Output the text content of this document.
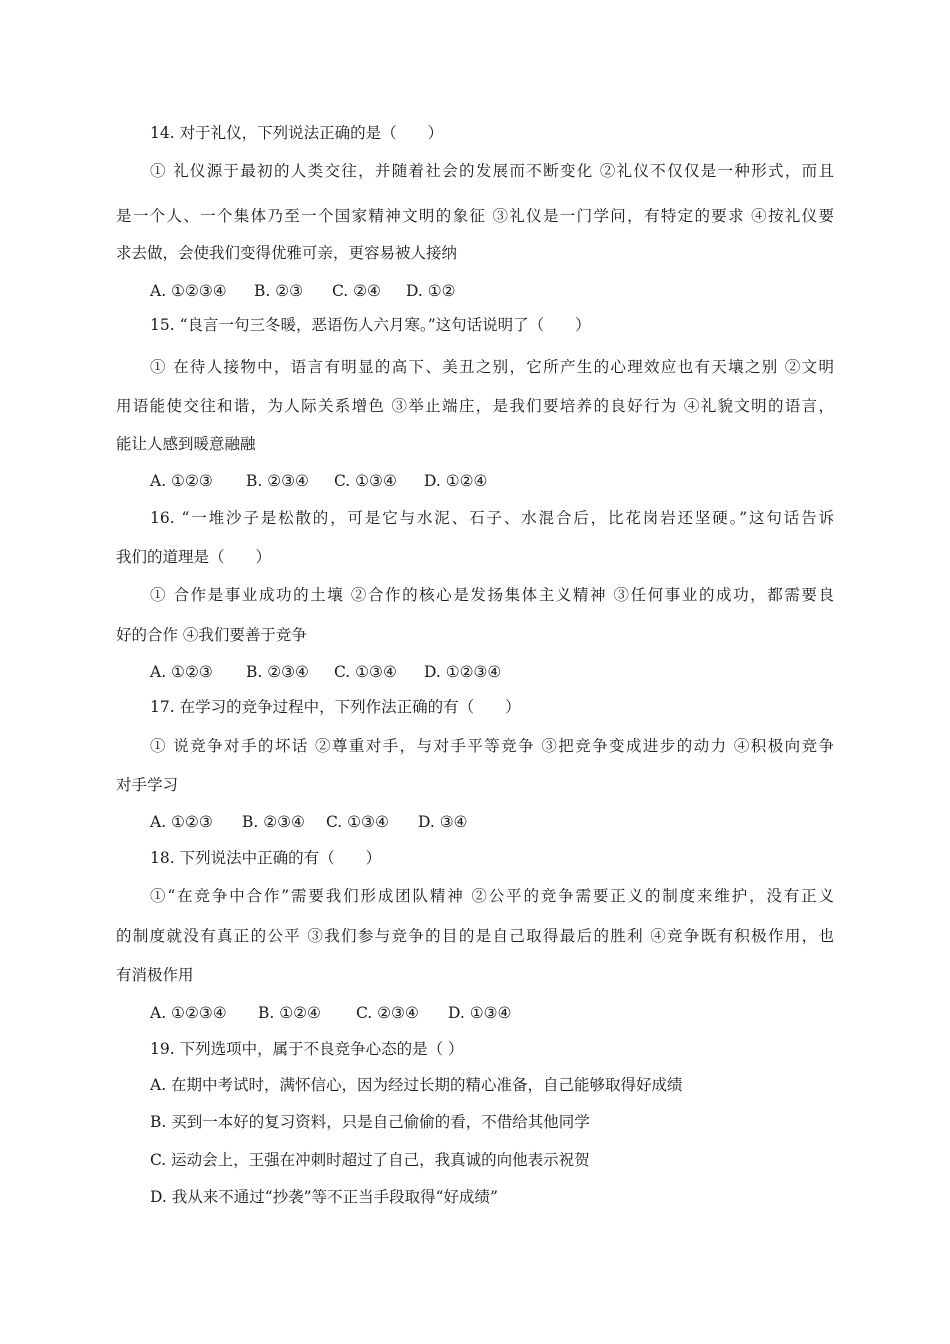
14. 对于礼仪，下列说法正确的是（　　）
① 礼仪源于最初的人类交往，并随着社会的发展而不断变化 ②礼仪不仅仅是一种形式，而且
是一个人、一个集体乃至一个国家精神文明的象征 ③礼仪是一门学问，有特定的要求 ④按礼仪要
求去做，会使我们变得优雅可亲，更容易被人接纳
A. ①②③④ B. ②③ C. ②④ D. ①②
15. “良言一句三冬暖，恶语伤人六月寒。”这句话说明了（　　）
① 在待人接物中，语言有明显的高下、美丑之别，它所产生的心理效应也有天壤之别 ②文明
用语能使交往和谐，为人际关系增色 ③举止端庄，是我们要培养的良好行为 ④礼貌文明的语言，
能让人感到暖意融融
A. ①②③ B. ②③④ C. ①③④ D. ①②④
16. “一堆沙子是松散的，可是它与水泥、石子、水混合后，比花岗岩还坚硬。”这句话告诉
我们的道理是（　　）
① 合作是事业成功的土壤 ②合作的核心是发扬集体主义精神 ③任何事业的成功，都需要良
好的合作 ④我们要善于竞争
A. ①②③ B. ②③④ C. ①③④ D. ①②③④
17. 在学习的竞争过程中，下列作法正确的有（　　）
① 说竞争对手的坏话 ②尊重对手，与对手平等竞争 ③把竞争变成进步的动力 ④积极向竞争
对手学习
A. ①②③ B. ②③④ C. ①③④ D. ③④
18. 下列说法中正确的有（　　）
①“在竞争中合作”需要我们形成团队精神 ②公平的竞争需要正义的制度来维护，没有正义
的制度就没有真正的公平 ③我们参与竞争的目的是自己取得最后的胜利 ④竞争既有积极作用，也
有消极作用
A. ①②③④ B. ①②④ C. ②③④ D. ①③④
19. 下列选项中，属于不良竞争心态的是（ ）
A. 在期中考试时，满怀信心，因为经过长期的精心准备，自己能够取得好成绩
B. 买到一本好的复习资料，只是自己偷偷的看，不借给其他同学
C. 运动会上，王强在冲刺时超过了自己，我真诚的向他表示祝贺
D. 我从来不通过“抄袭”等不正当手段取得“好成绩”
